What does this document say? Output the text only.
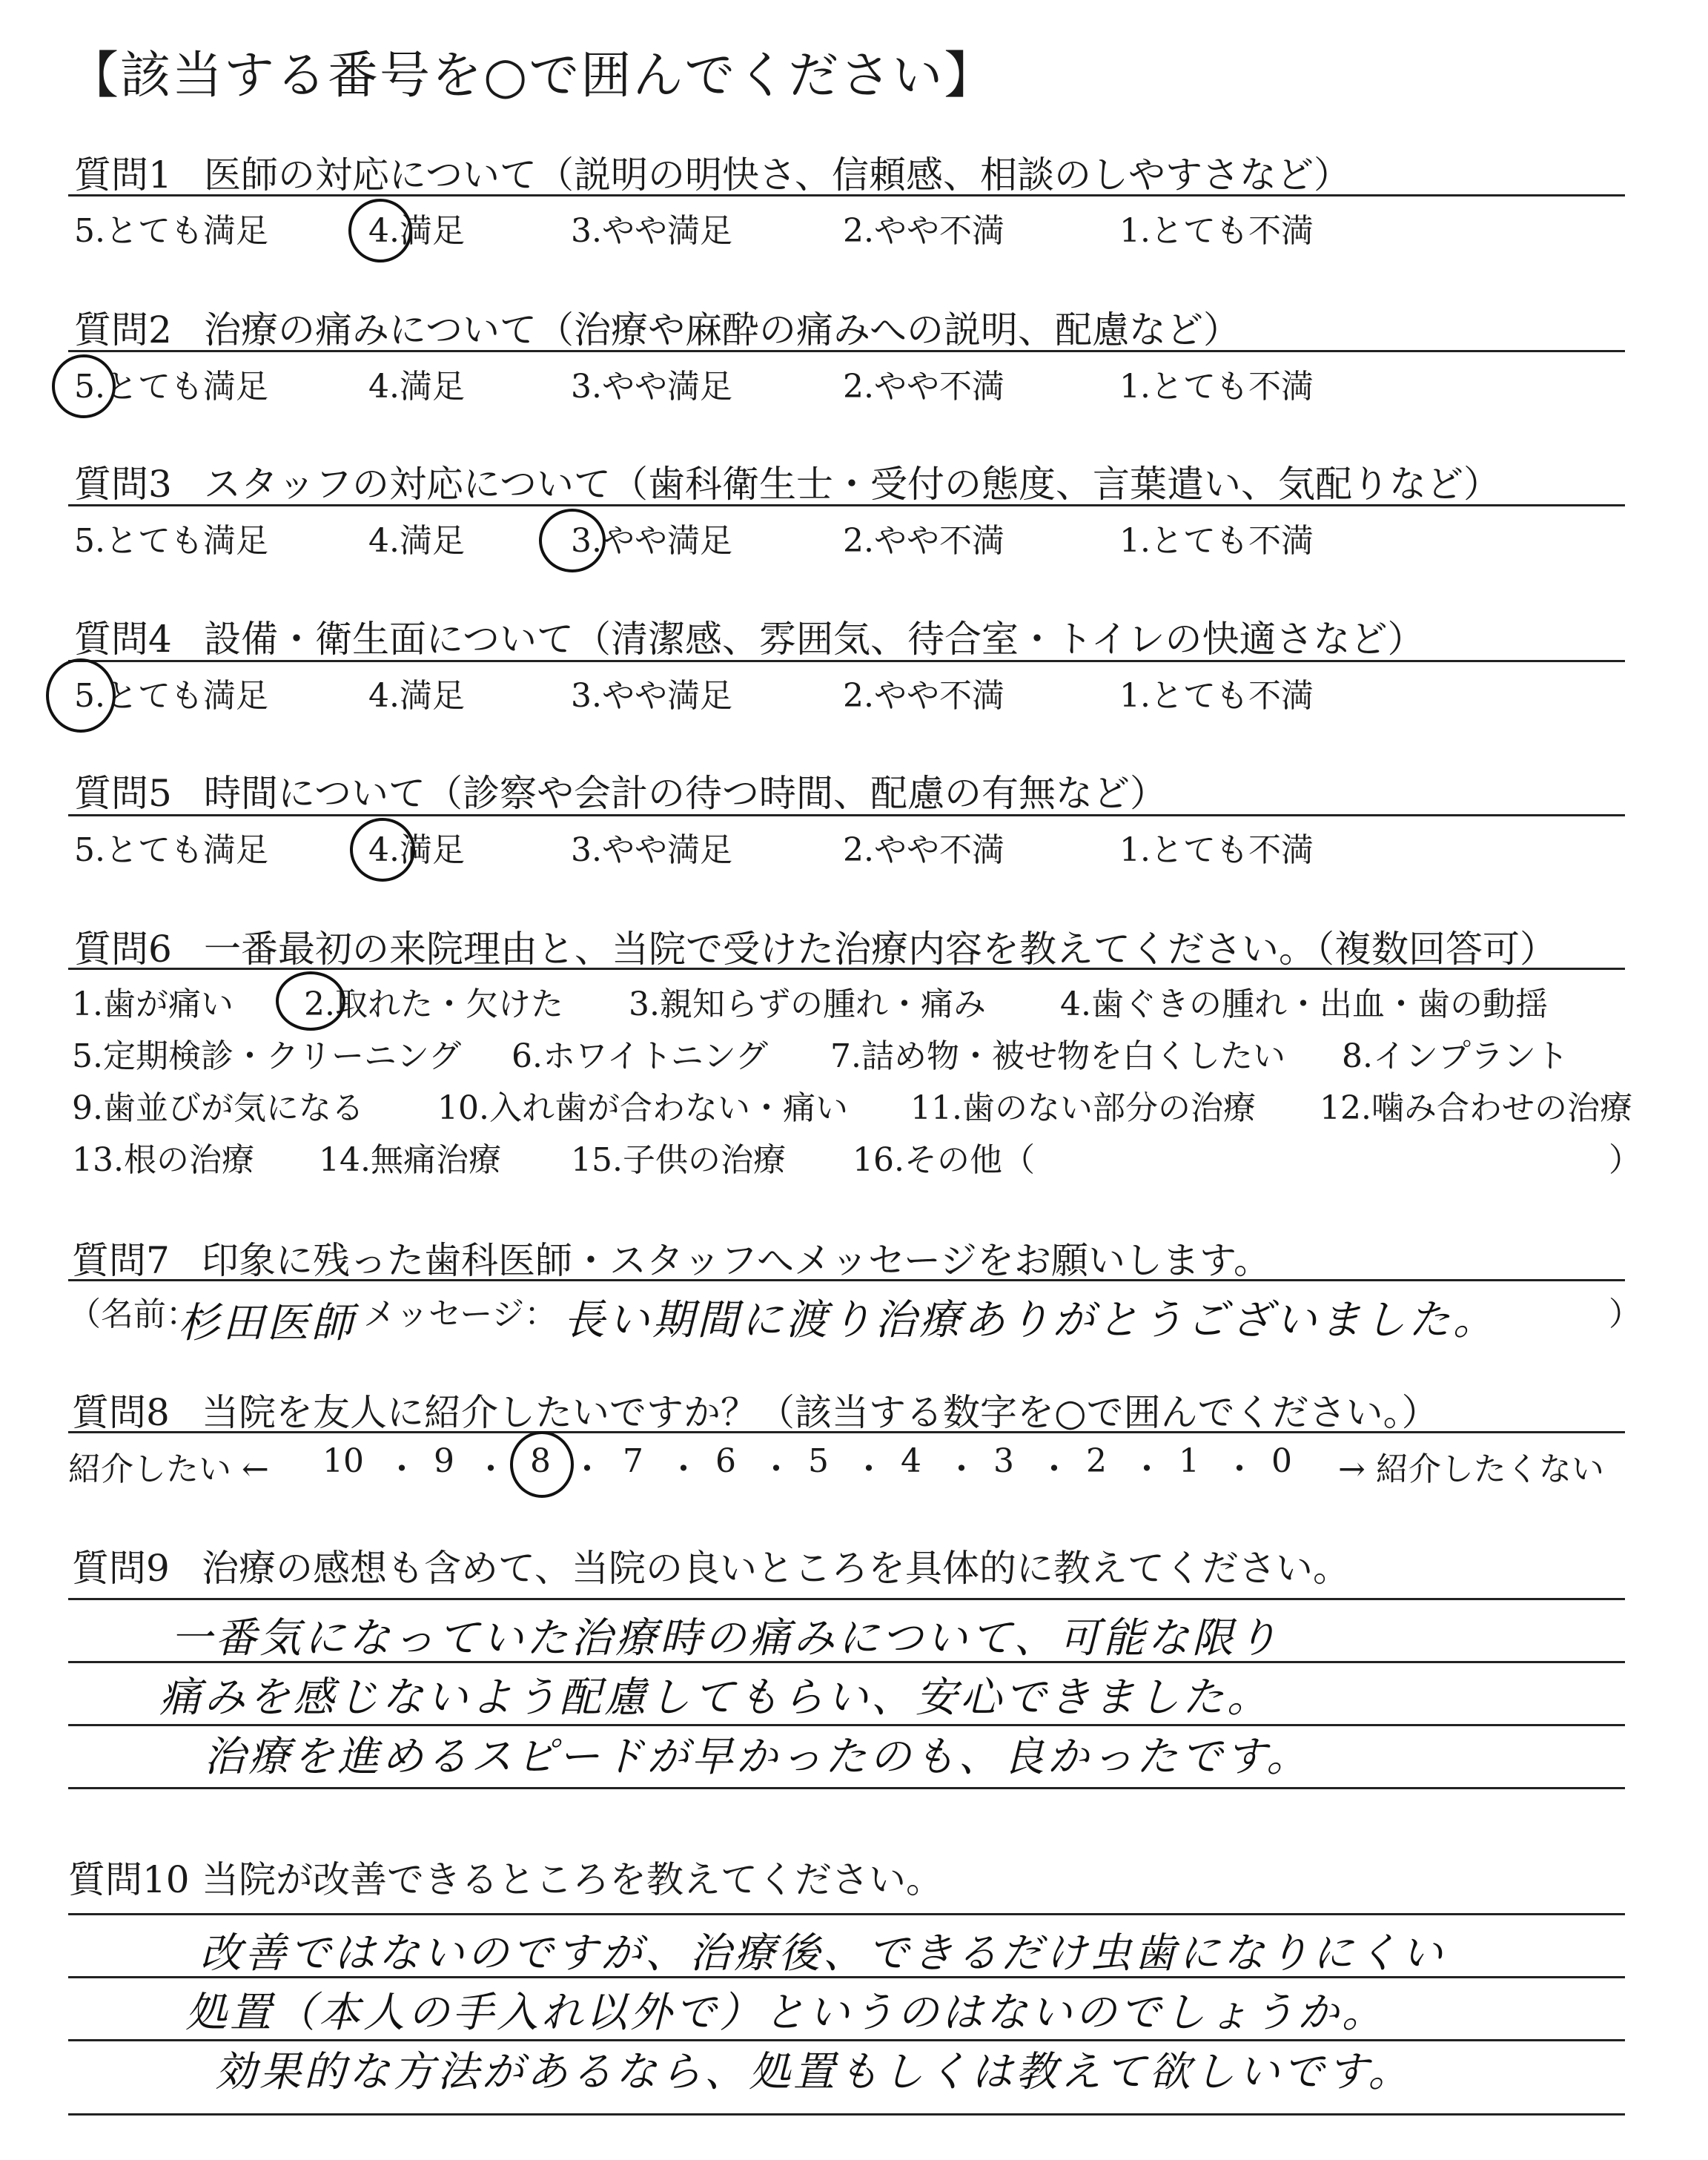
【該当する番号を○で囲んでください】
質問1 医師の対応について（説明の明快さ、信頼感、相談のしやすさなど）
5.とても満足	4.満足	3.やや満足	2.やや不満	1.とても不満
質問2 治療の痛みについて（治療や麻酔の痛みへの説明、配慮など）
5.とても満足	4.満足	3.やや満足	2.やや不満	1.とても不満
質問3 スタッフの対応について（歯科衛生士・受付の態度、言葉遣い、気配りなど）
5.とても満足	4.満足	3.やや満足	2.やや不満	1.とても不満
質問4 設備・衛生面について（清潔感、雰囲気、待合室・トイレの快適さなど）
5.とても満足	4.満足	3.やや満足	2.やや不満	1.とても不満
質問5 時間について（診察や会計の待つ時間、配慮の有無など）
5.とても満足	4.満足	3.やや満足	2.やや不満	1.とても不満
質問6 一番最初の来院理由と、当院で受けた治療内容を教えてください。（複数回答可）
1.歯が痛い 2.取れた・欠けた 3.親知らずの腫れ・痛み 4.歯ぐきの腫れ・出血・歯の動揺
5.定期検診・クリーニング 6.ホワイトニング 7.詰め物・被せ物を白くしたい 8.インプラント
9.歯並びが気になる 10.入れ歯が合わない・痛い 11.歯のない部分の治療 12.噛み合わせの治療
13.根の治療 14.無痛治療 15.子供の治療 16.その他（	）
質問7 印象に残った歯科医師・スタッフへメッセージをお願いします。
（名前：
杉田医師 メッセージ： 長い期間に渡り治療ありがとうございました。	）
質問8 当院を友人に紹介したいですか？（該当する数字を○で囲んでください。）
紹介したい ← 10 ・ 9 ・ 8 ・ 7 ・ 6 ・ 5 ・ 4 ・ 3 ・ 2 ・ 1 ・ 0 → 紹介したくない
質問9 治療の感想も含めて、当院の良いところを具体的に教えてください。
一番気になっていた治療時の痛みについて、可能な限り
痛みを感じないよう配慮してもらい、安心できました。
治療を進めるスピードが早かったのも、良かったです。
質問10 当院が改善できるところを教えてください。
改善ではないのですが、治療後、できるだけ虫歯になりにくい
処置（本人の手入れ以外で）というのはないのでしょうか。
効果的な方法があるなら、処置もしくは教えて欲しいです。
